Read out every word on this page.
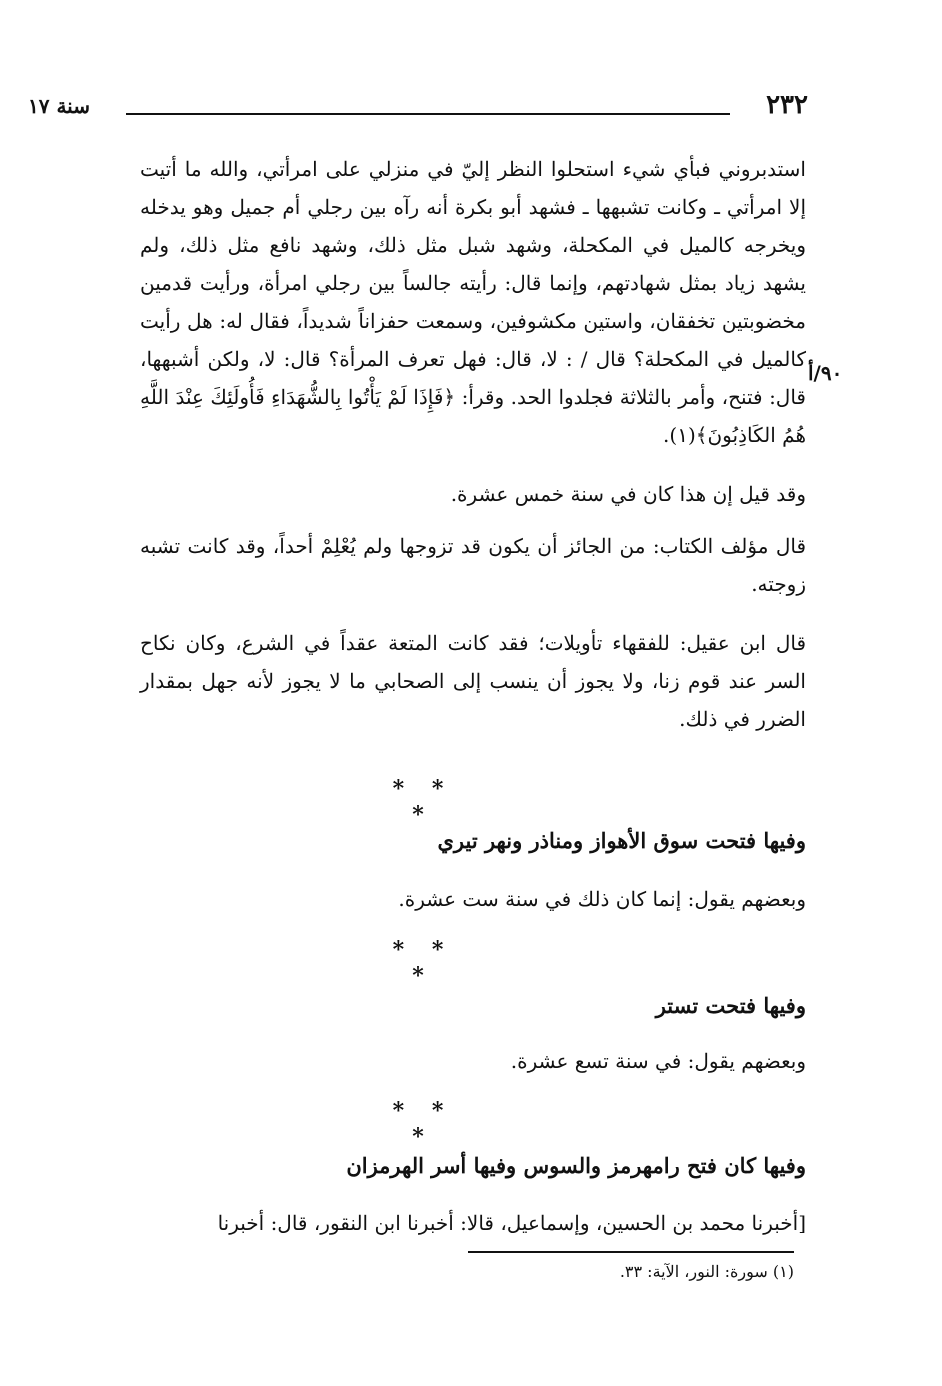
٢٣٢
سنة ١٧
استدبروني فبأي شيء استحلوا النظر إليّ في منزلي على امرأتي، والله ما أتيت إلا امرأتي ـ وكانت تشبهها ـ فشهد أبو بكرة أنه رآه بين رجلي أم جميل وهو يدخله ويخرجه كالميل في المكحلة، وشهد شبل مثل ذلك، وشهد نافع مثل ذلك، ولم يشهد زياد بمثل شهادتهم، وإنما قال: رأيته جالساً بين رجلي امرأة، ورأيت قدمين مخضوبتين تخفقان، واستين مكشوفين، وسمعت حفزاناً شديداً، فقال له: هل رأيت كالميل في المكحلة؟ قال / : لا، قال: فهل تعرف المرأة؟ قال: لا، ولكن أشبهها، قال: فتنح، وأمر بالثلاثة فجلدوا الحد. وقرأ: ﴿فَإِذَا لَمْ يَأْتُوا بِالشُّهَدَاءِ فَأُولَئِكَ عِنْدَ اللَّهِ هُمُ الكَاذِبُونَ﴾(١).
٩٠/أ
وقد قيل إن هذا كان في سنة خمس عشرة.
قال مؤلف الكتاب: من الجائز أن يكون قد تزوجها ولم يُعْلِمْ أحداً، وقد كانت تشبه زوجته.
قال ابن عقيل: للفقهاء تأويلات؛ فقد كانت المتعة عقداً في الشرع، وكان نكاح السر عند قوم زنا، ولا يجوز أن ينسب إلى الصحابي ما لا يجوز لأنه جهل بمقدار الضرر في ذلك.
* * *
وفيها فتحت سوق الأهواز ومناذر ونهر تيري
وبعضهم يقول: إنما كان ذلك في سنة ست عشرة.
* * *
وفيها فتحت تستر
وبعضهم يقول: في سنة تسع عشرة.
* * *
وفيها كان فتح رامهرمز والسوس وفيها أسر الهرمزان
[أخبرنا محمد بن الحسين، وإسماعيل، قالا: أخبرنا ابن النقور، قال: أخبرنا
(١) سورة: النور، الآية: ٣٣.
